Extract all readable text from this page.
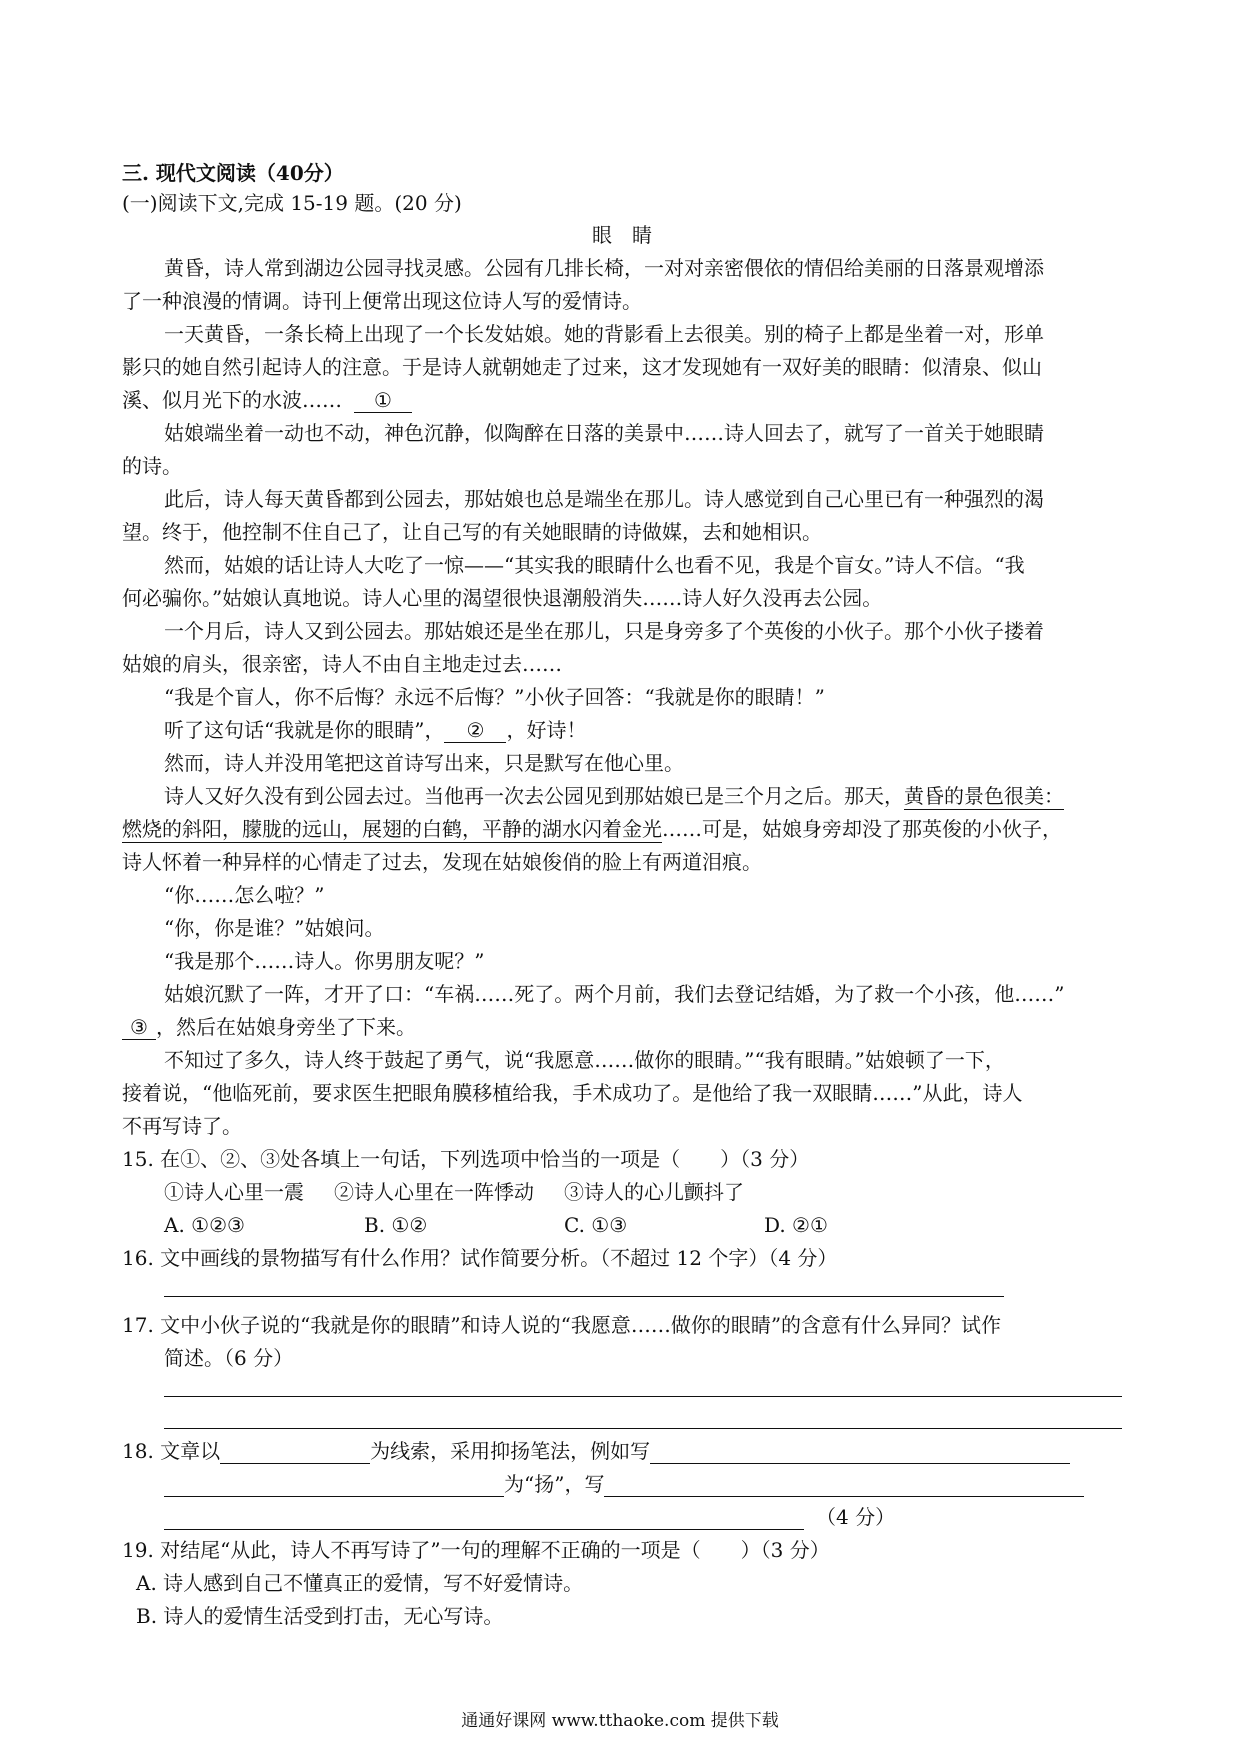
三. 现代文阅读（40分）
(一)阅读下文,完成 15-19 题。(20 分)
眼睛
黄昏，诗人常到湖边公园寻找灵感。公园有几排长椅，一对对亲密偎依的情侣给美丽的日落景观增添
了一种浪漫的情调。诗刊上便常出现这位诗人写的爱情诗。
一天黄昏，一条长椅上出现了一个长发姑娘。她的背影看上去很美。别的椅子上都是坐着一对，形单
影只的她自然引起诗人的注意。于是诗人就朝她走了过来，这才发现她有一双好美的眼睛：似清泉、似山
溪、似月光下的水波…… ①
姑娘端坐着一动也不动，神色沉静，似陶醉在日落的美景中……诗人回去了，就写了一首关于她眼睛
的诗。
此后，诗人每天黄昏都到公园去，那姑娘也总是端坐在那儿。诗人感觉到自己心里已有一种强烈的渴
望。终于，他控制不住自己了，让自己写的有关她眼睛的诗做媒，去和她相识。
然而，姑娘的话让诗人大吃了一惊——“其实我的眼睛什么也看不见，我是个盲女。”诗人不信。“我
何必骗你。”姑娘认真地说。诗人心里的渴望很快退潮般消失……诗人好久没再去公园。
一个月后，诗人又到公园去。那姑娘还是坐在那儿，只是身旁多了个英俊的小伙子。那个小伙子搂着
姑娘的肩头，很亲密，诗人不由自主地走过去……
“我是个盲人，你不后悔？永远不后悔？”小伙子回答：“我就是你的眼睛！”
听了这句话“我就是你的眼睛”， ② ，好诗！
然而，诗人并没用笔把这首诗写出来，只是默写在他心里。
诗人又好久没有到公园去过。当他再一次去公园见到那姑娘已是三个月之后。那天，黄昏的景色很美：
燃烧的斜阳，朦胧的远山，展翅的白鹤，平静的湖水闪着金光……可是，姑娘身旁却没了那英俊的小伙子，
诗人怀着一种异样的心情走了过去，发现在姑娘俊俏的脸上有两道泪痕。
“你……怎么啦？”
“你，你是谁？”姑娘问。
“我是那个……诗人。你男朋友呢？”
姑娘沉默了一阵，才开了口：“车祸……死了。两个月前，我们去登记结婚，为了救一个小孩，他……”
③ ，然后在姑娘身旁坐了下来。
不知过了多久，诗人终于鼓起了勇气，说“我愿意……做你的眼睛。”“我有眼睛。”姑娘顿了一下，
接着说，“他临死前，要求医生把眼角膜移植给我，手术成功了。是他给了我一双眼睛……”从此，诗人
不再写诗了。
15. 在①、②、③处各填上一句话，下列选项中恰当的一项是（　　）（3 分）
①诗人心里一震 ②诗人心里在一阵悸动 ③诗人的心儿颤抖了
A. ①②③	B. ①②	C. ①③	D. ②①
16. 文中画线的景物描写有什么作用？试作简要分析。（不超过 12 个字）（4 分）
17. 文中小伙子说的“我就是你的眼睛”和诗人说的“我愿意……做你的眼睛”的含意有什么异同？试作
简述。（6 分）
18. 文章以	为线索，采用抑扬笔法，例如写
为“扬”，写
（4 分）
19. 对结尾“从此，诗人不再写诗了”一句的理解不正确的一项是（　　）（3 分）
A. 诗人感到自己不懂真正的爱情，写不好爱情诗。
B. 诗人的爱情生活受到打击，无心写诗。
通通好课网 www.tthaoke.com 提供下载
